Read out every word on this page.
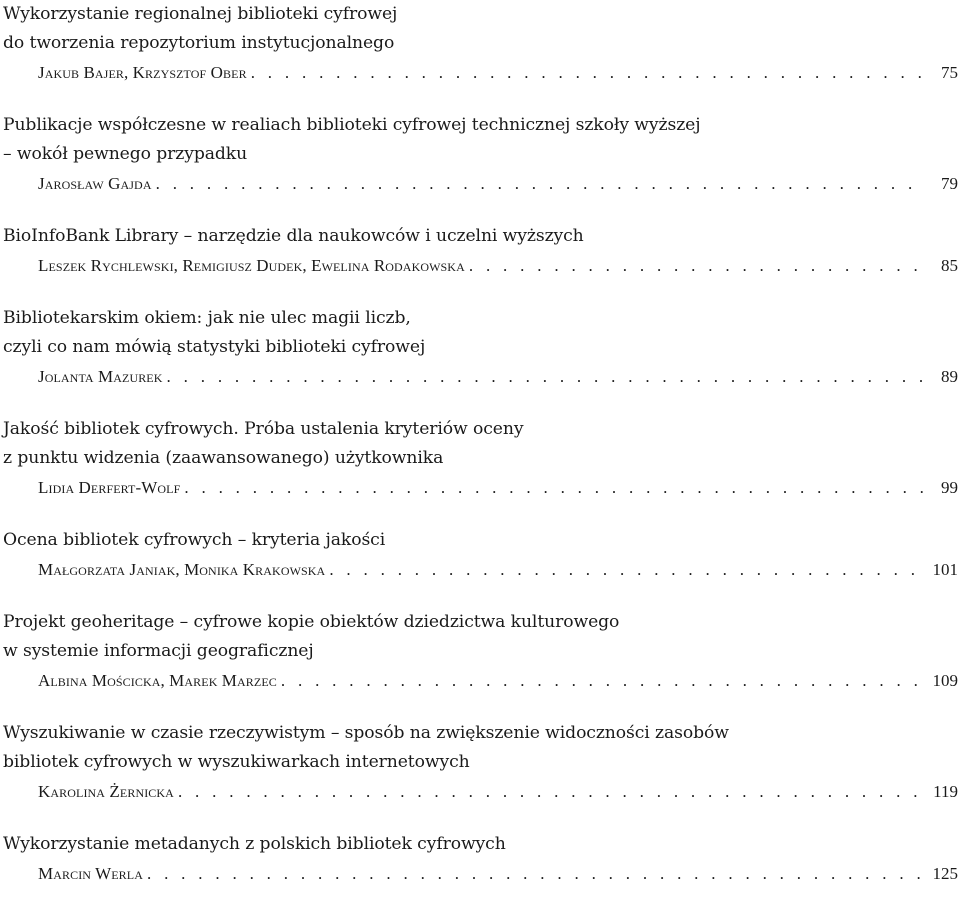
Wykorzystanie regionalnej biblioteki cyfrowej
do tworzenia repozytorium instytucjonalnego
Jakub Bajer, Krzysztof Ober . . .	75
Publikacje współczesne w realiach biblioteki cyfrowej technicznej szkoły wyższej
– wokół pewnego przypadku
Jarosław Gajda . . .	79
BioInfoBank Library – narzędzie dla naukowców i uczelni wyższych
Leszek Rychlewski, Remigiusz Dudek, Ewelina Rodakowska . . .	85
Bibliotekarskim okiem: jak nie ulec magii liczb,
czyli co nam mówią statystyki biblioteki cyfrowej
Jolanta Mazurek . . .	89
Jakość bibliotek cyfrowych. Próba ustalenia kryteriów oceny
z punktu widzenia (zaawansowanego) użytkownika
Lidia Derfert-Wolf . . .	99
Ocena bibliotek cyfrowych – kryteria jakości
Małgorzata Janiak, Monika Krakowska . . .	101
Projekt geoheritage – cyfrowe kopie obiektów dziedzictwa kulturowego
w systemie informacji geograficznej
Albina Mościcka, Marek Marzec . . .	109
Wyszukiwanie w czasie rzeczywistym – sposób na zwiększenie widoczności zasobów
bibliotek cyfrowych w wyszukiwarkach internetowych
Karolina Żernicka . . .	119
Wykorzystanie metadanych z polskich bibliotek cyfrowych
Marcin Werla . . .	125
